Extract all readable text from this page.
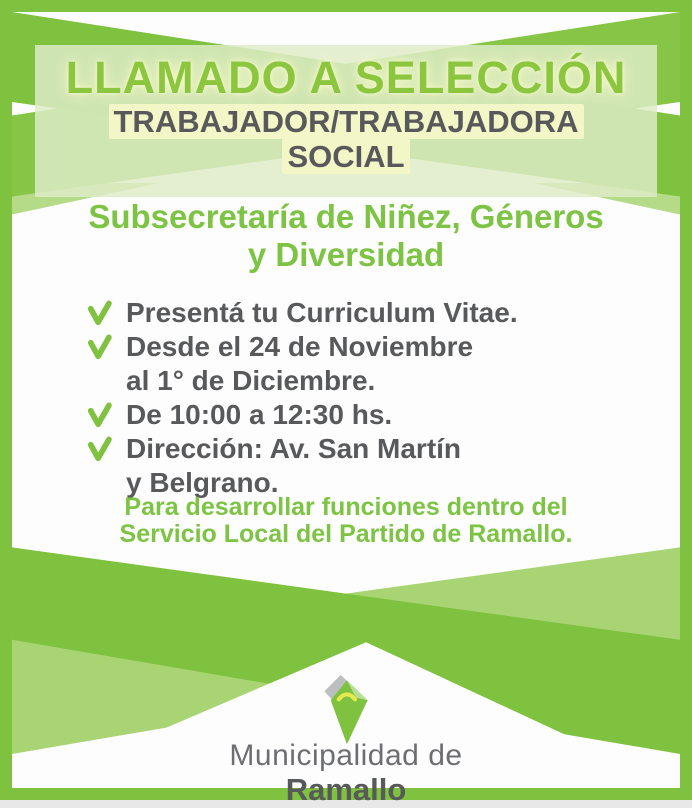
LLAMADO A SELECCIÓN
TRABAJADOR/TRABAJADORA
SOCIAL
Subsecretaría de Niñez, Géneros
y Diversidad
Presentá tu Curriculum Vitae.
Desde el 24 de Noviembre
al 1° de Diciembre.
De 10:00 a 12:30 hs.
Dirección: Av. San Martín
y Belgrano.
Para desarrollar funciones dentro del
Servicio Local del Partido de Ramallo.
Municipalidad de
Ramallo
